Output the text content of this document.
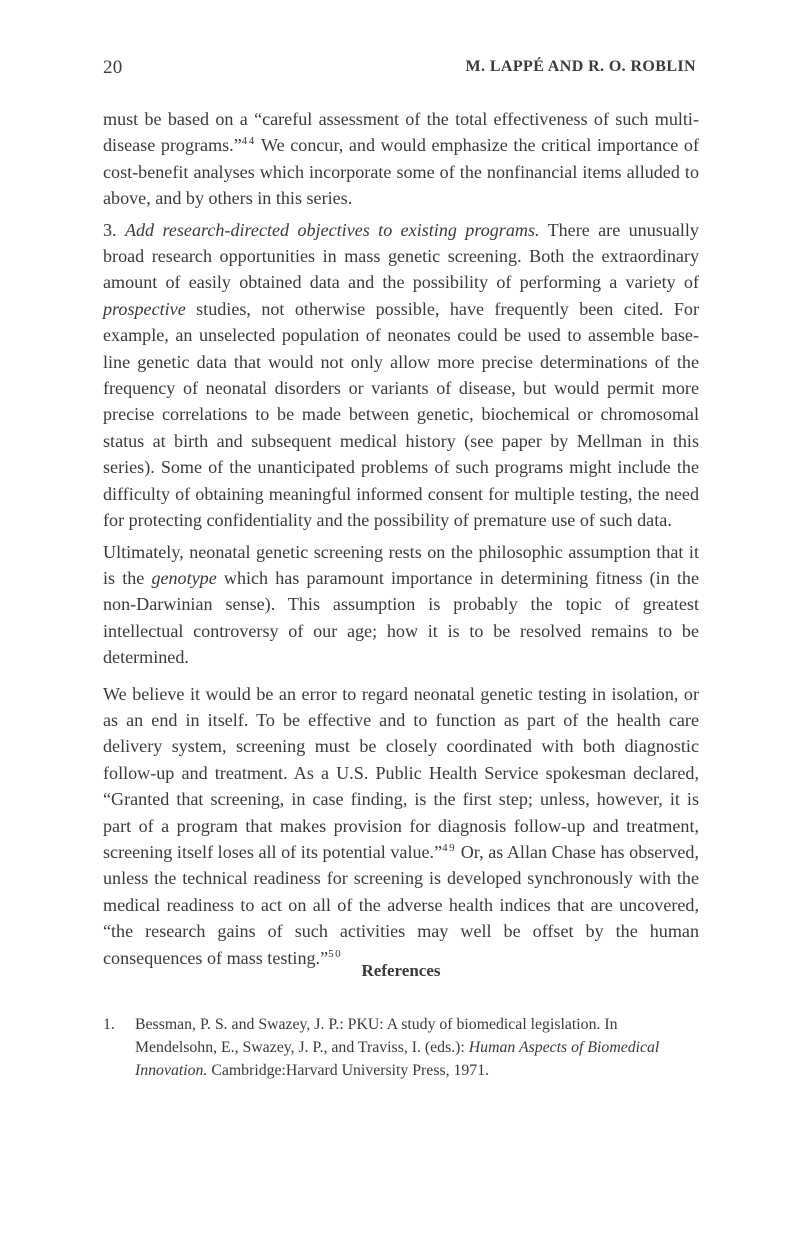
20	M. LAPPÉ AND R. O. ROBLIN

must be based on a “careful assessment of the total effectiveness of such multi-disease programs.”$^{44}$ We concur, and would emphasize the critical importance of cost-benefit analyses which incorporate some of the nonfinancial items alluded to above, and by others in this series.

3. Add research-directed objectives to existing programs. There are unusually broad research opportunities in mass genetic screening. Both the extraordinary amount of easily obtained data and the possibility of performing a variety of prospective studies, not otherwise possible, have frequently been cited. For example, an unselected population of neonates could be used to assemble base-line genetic data that would not only allow more precise determinations of the frequency of neonatal disorders or variants of disease, but would permit more precise correlations to be made between genetic, biochemical or chromosomal status at birth and subsequent medical history (see paper by Mellman in this series). Some of the unanticipated problems of such programs might include the difficulty of obtaining meaningful informed consent for multiple testing, the need for protecting confidentiality and the possibility of premature use of such data.

Ultimately, neonatal genetic screening rests on the philosophic assumption that it is the genotype which has paramount importance in determining fitness (in the non-Darwinian sense). This assumption is probably the topic of greatest intellectual controversy of our age; how it is to be resolved remains to be determined.

We believe it would be an error to regard neonatal genetic testing in isolation, or as an end in itself. To be effective and to function as part of the health care delivery system, screening must be closely coordinated with both diagnostic follow-up and treatment. As a U.S. Public Health Service spokesman declared, “Granted that screening, in case finding, is the first step; unless, however, it is part of a program that makes provision for diagnosis follow-up and treatment, screening itself loses all of its potential value.”$^{49}$ Or, as Allan Chase has observed, unless the technical readiness for screening is developed synchronously with the medical readiness to act on all of the adverse health indices that are uncovered, “the research gains of such activities may well be offset by the human consequences of mass testing.”$^{50}$

References
1. Bessman, P. S. and Swazey, J. P.: PKU: A study of biomedical legislation. In Mendelsohn, E., Swazey, J. P., and Traviss, I. (eds.): Human Aspects of Biomedical Innovation. Cambridge:Harvard University Press, 1971.
